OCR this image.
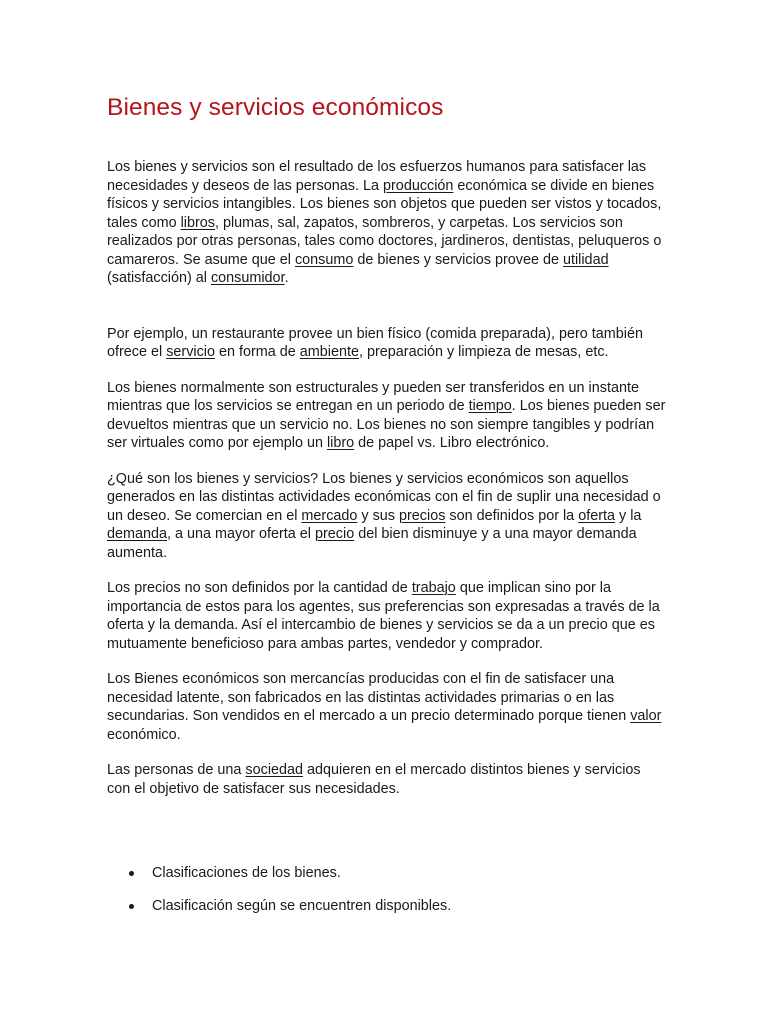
Bienes y servicios económicos

Los bienes y servicios son el resultado de los esfuerzos humanos para satisfacer las necesidades y deseos de las personas. La producción económica se divide en bienes físicos y servicios intangibles. Los bienes son objetos que pueden ser vistos y tocados, tales como libros, plumas, sal, zapatos, sombreros, y carpetas. Los servicios son realizados por otras personas, tales como doctores, jardineros, dentistas, peluqueros o camareros. Se asume que el consumo de bienes y servicios provee de utilidad (satisfacción) al consumidor.

Por ejemplo, un restaurante provee un bien físico (comida preparada), pero también ofrece el servicio en forma de ambiente, preparación y limpieza de mesas, etc.

Los bienes normalmente son estructurales y pueden ser transferidos en un instante mientras que los servicios se entregan en un periodo de tiempo. Los bienes pueden ser devueltos mientras que un servicio no. Los bienes no son siempre tangibles y podrían ser virtuales como por ejemplo un libro de papel vs. Libro electrónico.

¿Qué son los bienes y servicios? Los bienes y servicios económicos son aquellos generados en las distintas actividades económicas con el fin de suplir una necesidad o un deseo. Se comercian en el mercado y sus precios son definidos por la oferta y la demanda, a una mayor oferta el precio del bien disminuye y a una mayor demanda aumenta.

Los precios no son definidos por la cantidad de trabajo que implican sino por la importancia de estos para los agentes, sus preferencias son expresadas a través de la oferta y la demanda. Así el intercambio de bienes y servicios se da a un precio que es mutuamente beneficioso para ambas partes, vendedor y comprador.

Los Bienes económicos son mercancías producidas con el fin de satisfacer una necesidad latente, son fabricados en las distintas actividades primarias o en las secundarias. Son vendidos en el mercado a un precio determinado porque tienen valor económico.

Las personas de una sociedad adquieren en el mercado distintos bienes y servicios con el objetivo de satisfacer sus necesidades.

Clasificaciones de los bienes.
Clasificación según se encuentren disponibles.
